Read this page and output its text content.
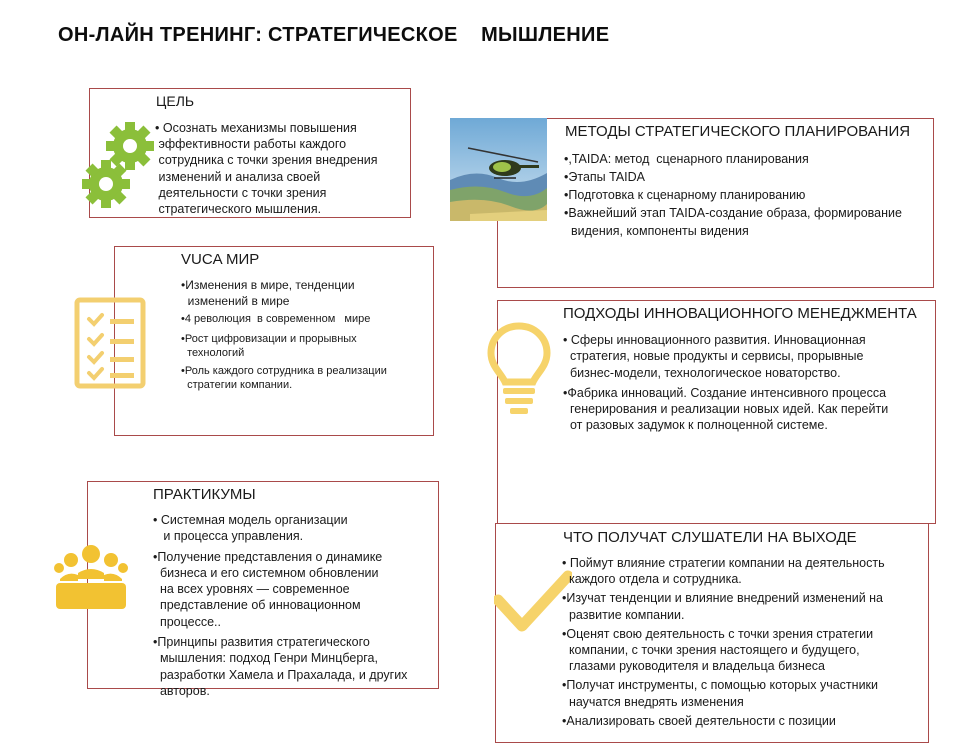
ОН-ЛАЙН ТРЕНИНГ: СТРАТЕГИЧЕСКОЕ    МЫШЛЕНИЕ
ЦЕЛЬ
• Осознать механизмы повышения
эффективности работы каждого
сотрудника с точки зрения внедрения
изменений и анализа своей
деятельности с точки зрения
стратегического мышления.
МЕТОДЫ СТРАТЕГИЧЕСКОГО ПЛАНИРОВАНИЯ
•,TAIDA: метод  сценарного планирования
•Этапы TAIDA
•Подготовка к сценарному планированию
•Важнейший этап TAIDA-создание образа, формирование
видения, компоненты видения
VUCA МИР
•Изменения в мире, тенденции
изменений в мире
•4 революция  в современном   мире
•Рост цифровизации и прорывных
технологий
•Роль каждого сотрудника в реализации
стратегии компании.
ПОДХОДЫ ИННОВАЦИОННОГО МЕНЕДЖМЕНТА
• Сферы инновационного развития. Инновационная
стратегия, новые продукты и сервисы, прорывные
бизнес-модели, технологическое новаторство.
•Фабрика инноваций. Создание интенсивного процесса
генерирования и реализации новых идей. Как перейти
от разовых задумок к полноценной системе.
ПРАКТИКУМЫ
• Системная модель организации
и процесса управления.
•Получение представления о динамике
бизнеса и его системном обновлении
на всех уровнях — современное
представление об инновационном
процессе..
•Принципы развития стратегического
мышления: подход Генри Минцберга,
разработки Хамела и Прахалада, и других
авторов.
ЧТО ПОЛУЧАТ СЛУШАТЕЛИ НА ВЫХОДЕ
• Поймут влияние стратегии компании на деятельность
каждого отдела и сотрудника.
•Изучат тенденции и влияние внедрений изменений на
развитие компании.
•Оценят свою деятельность с точки зрения стратегии
компании, с точки зрения настоящего и будущего,
глазами руководителя и владельца бизнеса
•Получат инструменты, с помощью которых участники
научатся внедрять изменения
•Анализировать своей деятельности с позиции
